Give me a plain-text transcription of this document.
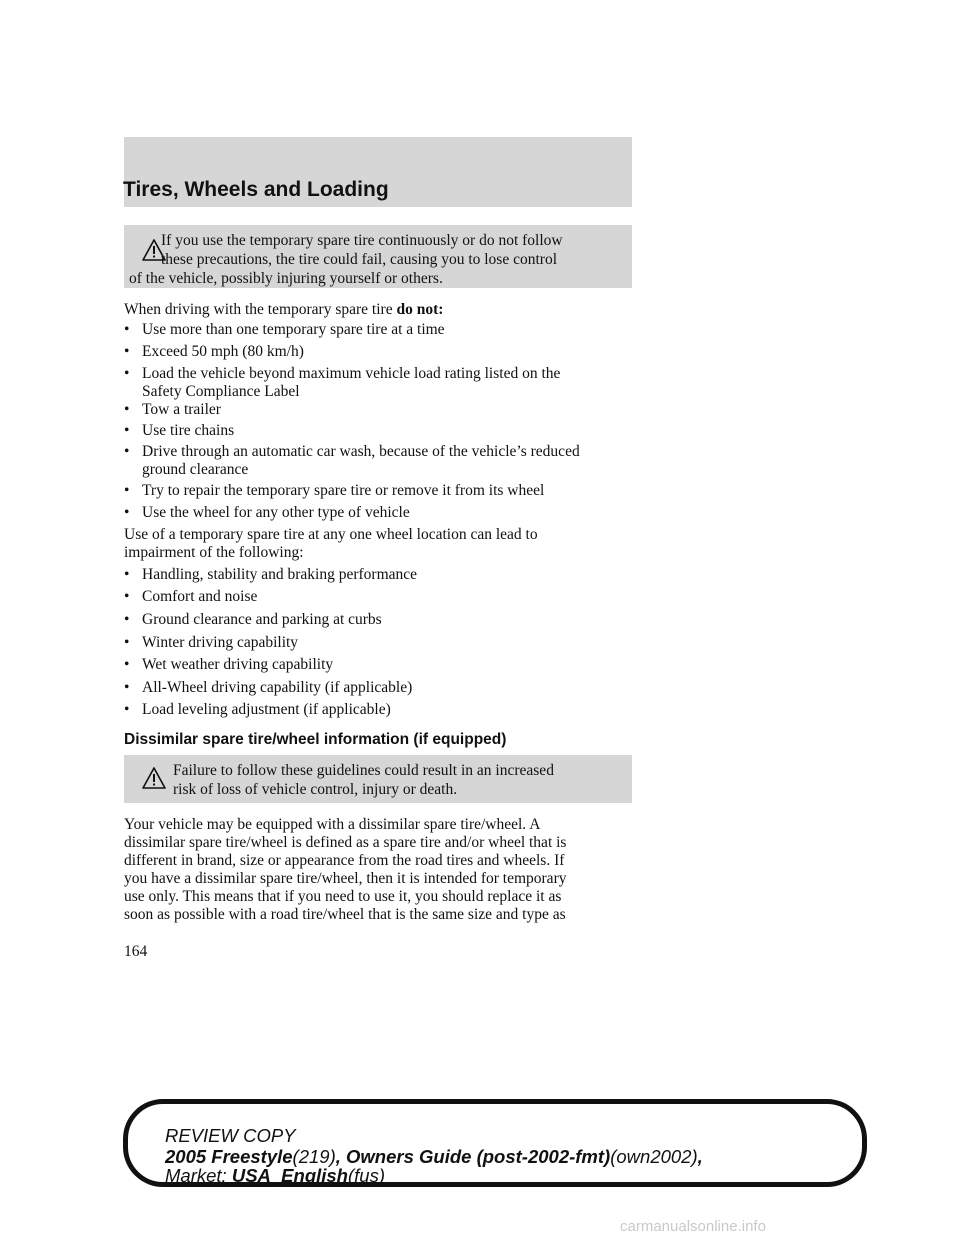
Tires, Wheels and Loading

If you use the temporary spare tire continuously or do not follow
these precautions, the tire could fail, causing you to lose control
of the vehicle, possibly injuring yourself or others.

When driving with the temporary spare tire do not:

• Use more than one temporary spare tire at a time
• Exceed 50 mph (80 km/h)
• Load the vehicle beyond maximum vehicle load rating listed on the
Safety Compliance Label
• Tow a trailer
• Use tire chains
• Drive through an automatic car wash, because of the vehicle’s reduced
ground clearance
• Try to repair the temporary spare tire or remove it from its wheel
• Use the wheel for any other type of vehicle

Use of a temporary spare tire at any one wheel location can lead to

impairment of the following:

• Handling, stability and braking performance
• Comfort and noise
• Ground clearance and parking at curbs
• Winter driving capability
• Wet weather driving capability
• All-Wheel driving capability (if applicable)
• Load leveling adjustment (if applicable)
Dissimilar spare tire/wheel information (if equipped)
Failure to follow these guidelines could result in an increased
risk of loss of vehicle control, injury or death.

Your vehicle may be equipped with a dissimilar spare tire/wheel. A

dissimilar spare tire/wheel is defined as a spare tire and/or wheel that is

different in brand, size or appearance from the road tires and wheels. If

you have a dissimilar spare tire/wheel, then it is intended for temporary

use only. This means that if you need to use it, you should replace it as

soon as possible with a road tire/wheel that is the same size and type as

164
REVIEW COPY
2005 Freestyle(219), Owners Guide (post-2002-fmt)(own2002),
Market: USA_English(fus)
carmanualsonline.info
